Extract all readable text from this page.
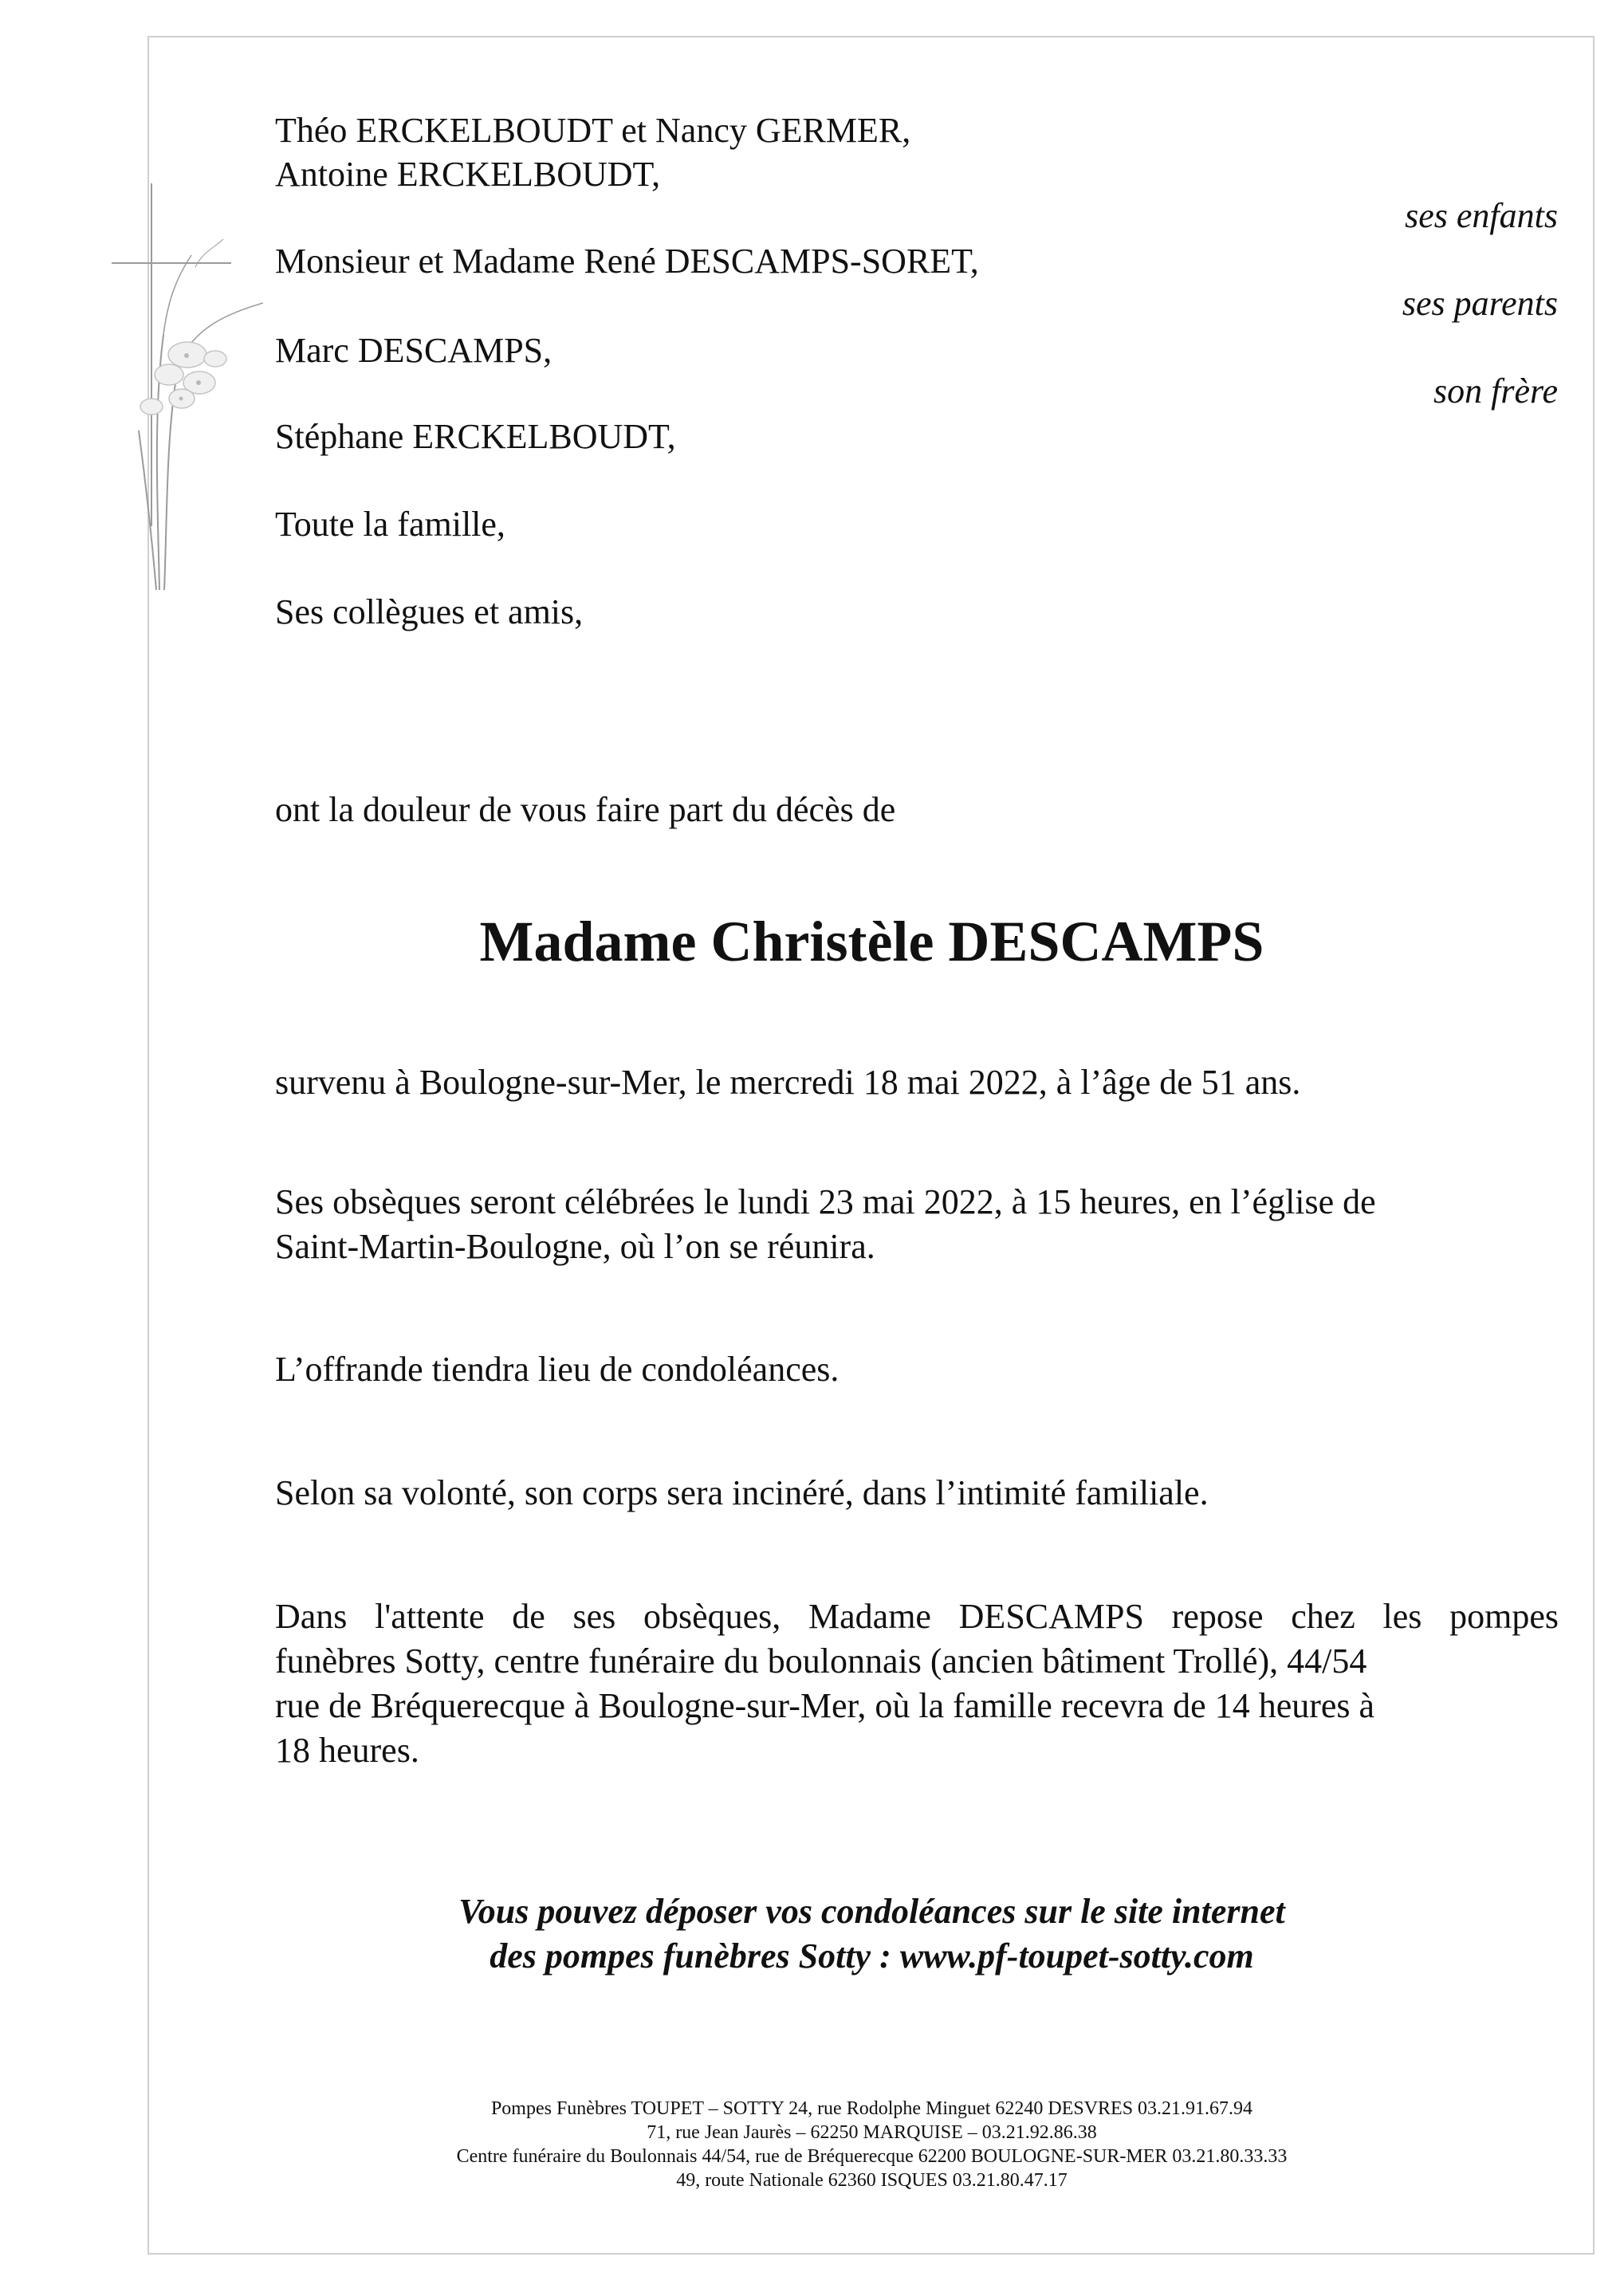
Théo ERCKELBOUDT et Nancy GERMER,

Antoine ERCKELBOUDT,

Monsieur et Madame René DESCAMPS-SORET,

Marc DESCAMPS,

Stéphane ERCKELBOUDT,

Toute la famille,

Ses collègues et amis,

ses enfants

ses parents

son frère

ont la douleur de vous faire part du décès de

Madame Christèle DESCAMPS

survenu à Boulogne-sur-Mer, le mercredi 18 mai 2022, à l’âge de 51 ans.

Ses obsèques seront célébrées le lundi 23 mai 2022, à 15 heures, en l’église de
Saint-Martin-Boulogne, où l’on se réunira.

L’offrande tiendra lieu de condoléances.

Selon sa volonté, son corps sera incinéré, dans l’intimité familiale.

Dans l'attente de ses obsèques, Madame DESCAMPS repose chez les pompes
funèbres Sotty, centre funéraire du boulonnais (ancien bâtiment Trollé), 44/54
rue de Bréquerecque à Boulogne-sur-Mer, où la famille recevra de 14 heures à
18 heures.
Vous pouvez déposer vos condoléances sur le site internet
des pompes funèbres Sotty : www.pf-toupet-sotty.com
Pompes Funèbres TOUPET – SOTTY 24, rue Rodolphe Minguet 62240 DESVRES 03.21.91.67.94
71, rue Jean Jaurès – 62250 MARQUISE – 03.21.92.86.38
Centre funéraire du Boulonnais 44/54, rue de Bréquerecque 62200 BOULOGNE-SUR-MER 03.21.80.33.33
49, route Nationale 62360 ISQUES 03.21.80.47.17
